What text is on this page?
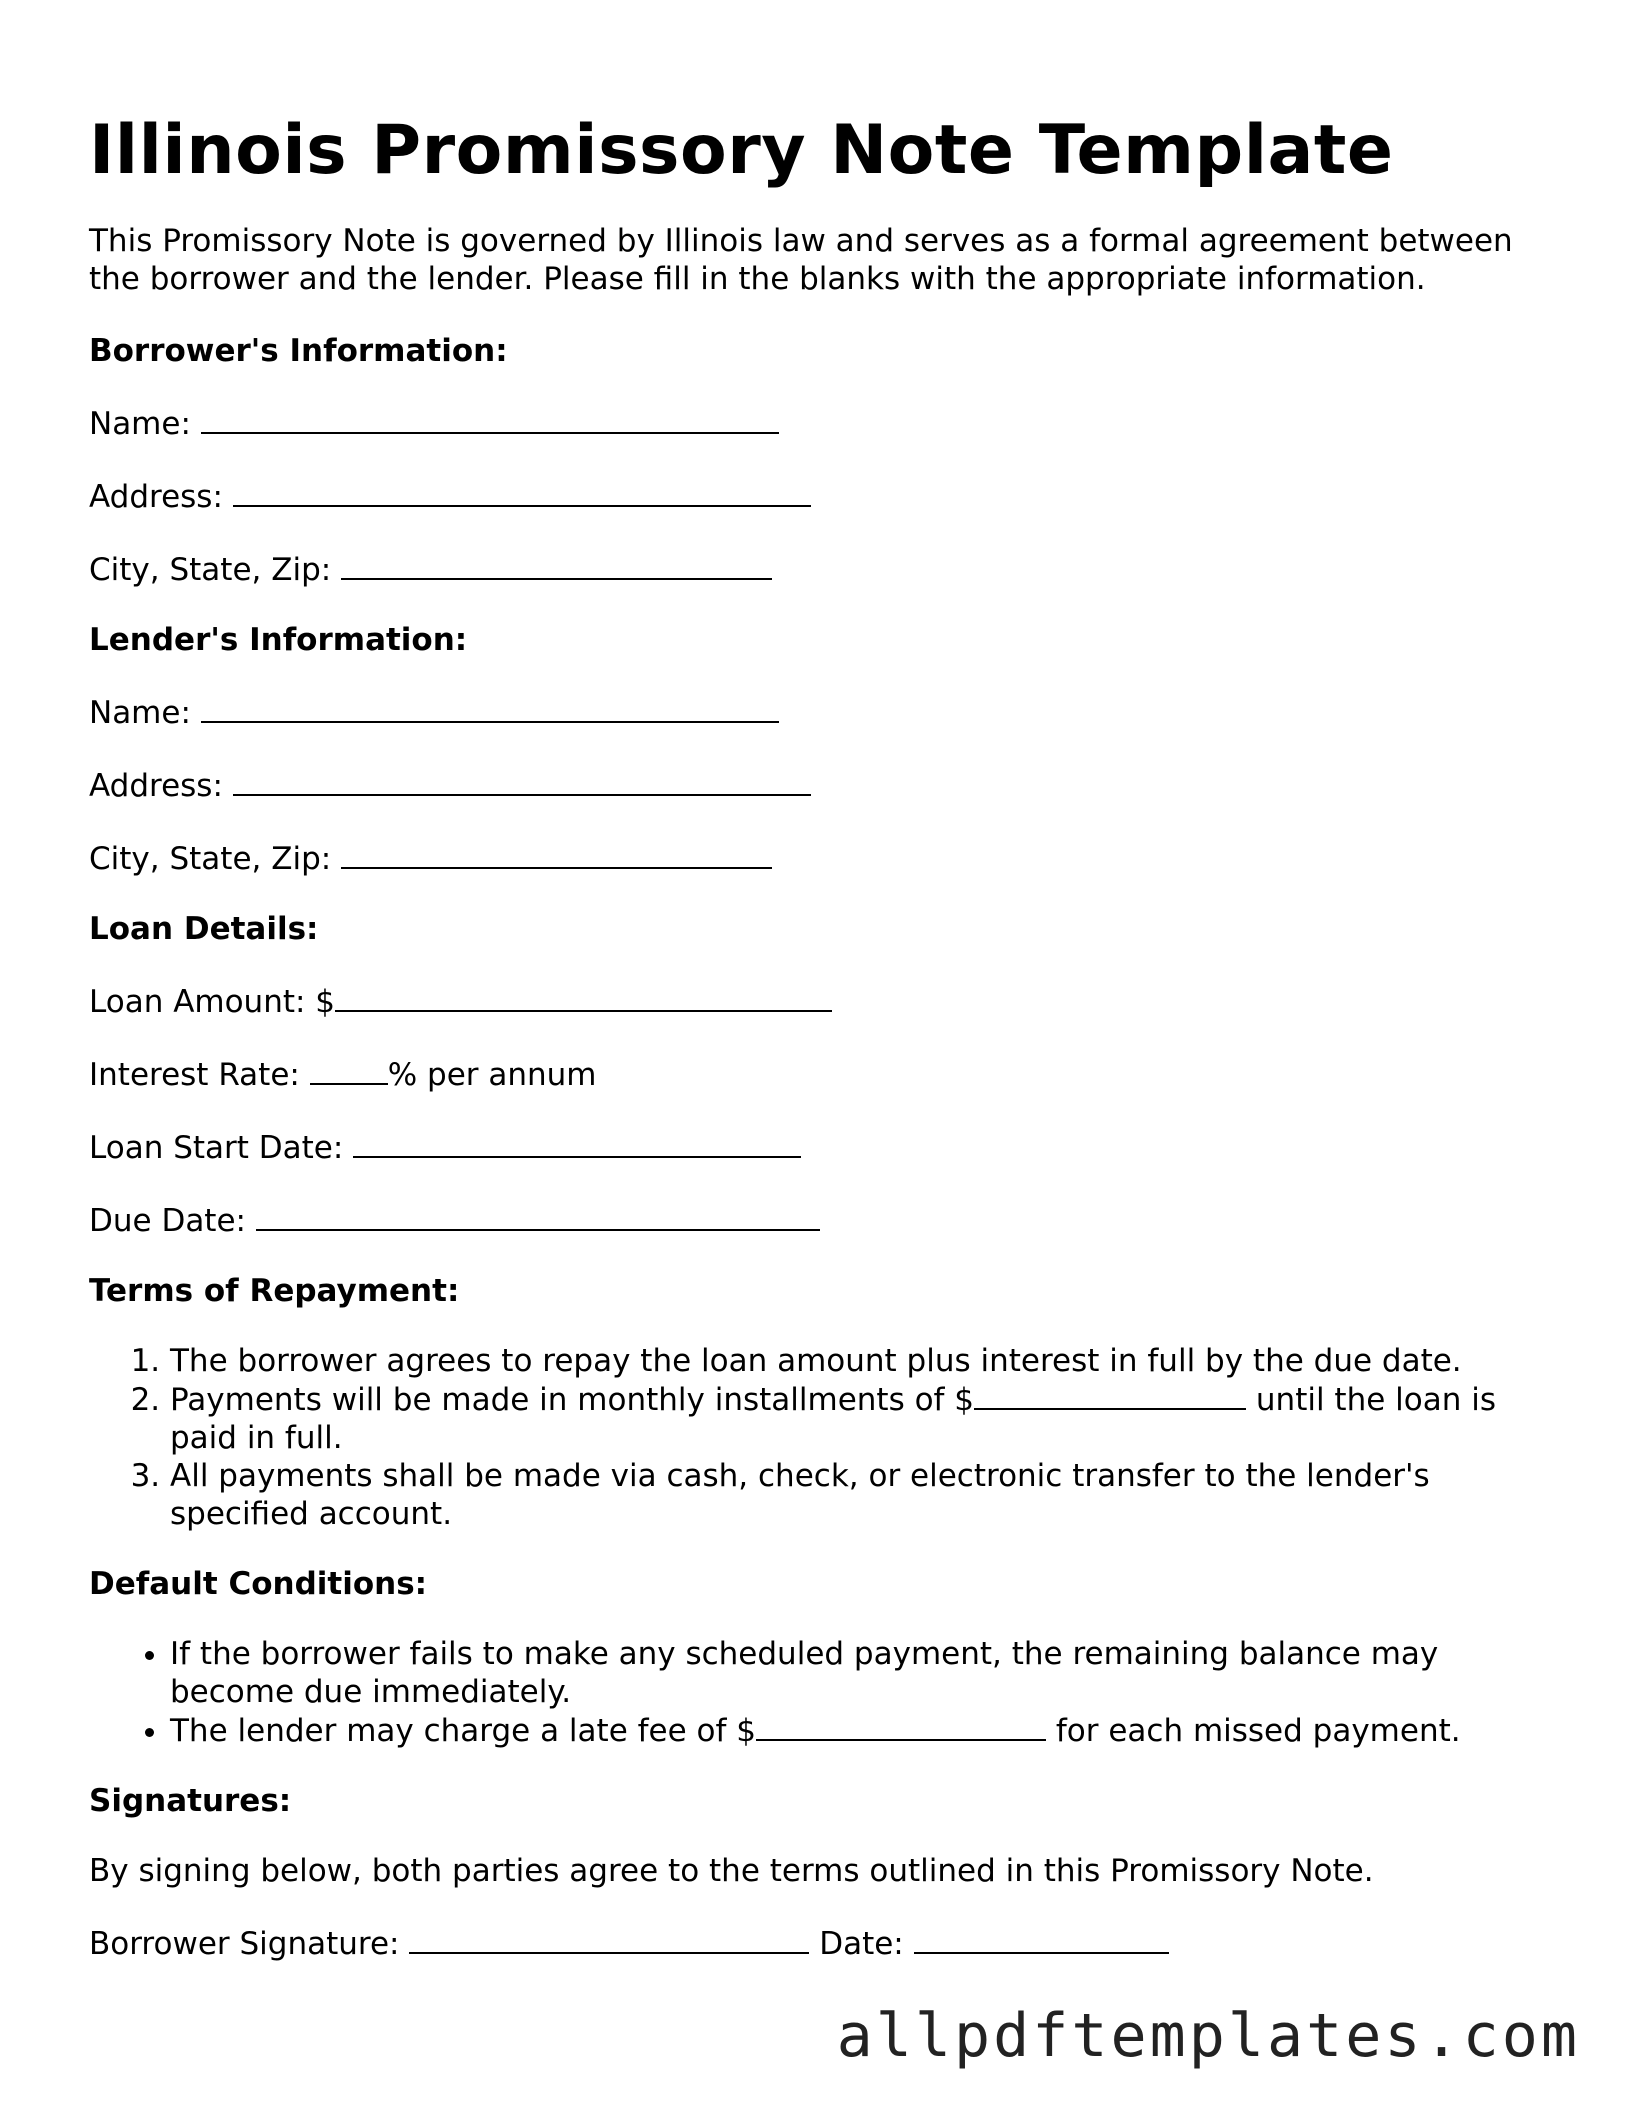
Illinois Promissory Note Template

This Promissory Note is governed by Illinois law and serves as a formal agreement between the borrower and the lender. Please fill in the blanks with the appropriate information.

Borrower's Information:
Name:
Address:
City, State, Zip:
Lender's Information:
Name:
Address:
City, State, Zip:
Loan Details:
Loan Amount: $
Interest Rate:	% per annum
Loan Start Date:
Due Date:
Terms of Repayment:
1. The borrower agrees to repay the loan amount plus interest in full by the due date.
2. Payments will be made in monthly installments of $	until the loan is paid in full.
3. All payments shall be made via cash, check, or electronic transfer to the lender's specified account.
Default Conditions:
• If the borrower fails to make any scheduled payment, the remaining balance may become due immediately.
• The lender may charge a late fee of $	for each missed payment.
Signatures:
By signing below, both parties agree to the terms outlined in this Promissory Note.
Borrower Signature:	Date:
allpdftemplates.com
